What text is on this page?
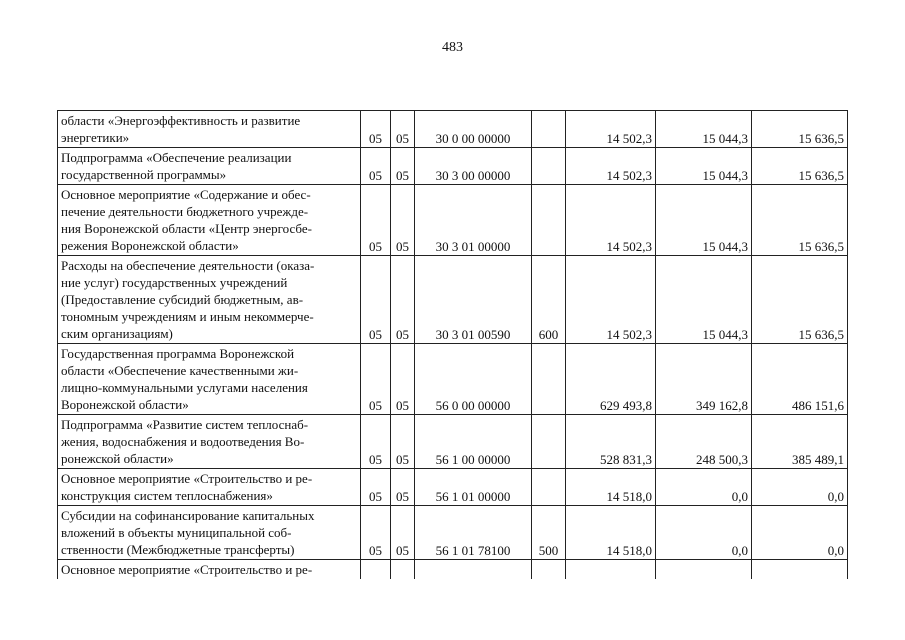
483
области «Энергоэффективность и развитие
энергетики»	05	05	30 0 00 00000		14 502,3	15 044,3	15 636,5

Подпрограмма «Обеспечение реализации
государственной программы»	05	05	30 3 00 00000		14 502,3	15 044,3	15 636,5

Основное мероприятие «Содержание и обес-
печение деятельности бюджетного учрежде-
ния Воронежской области «Центр энергосбе-
режения Воронежской области»	05	05	30 3 01 00000		14 502,3	15 044,3	15 636,5

Расходы на обеспечение деятельности (оказа-
ние услуг) государственных учреждений
(Предоставление субсидий бюджетным, ав-
тономным учреждениям и иным некоммерче-
ским организациям)	05	05	30 3 01 00590	600	14 502,3	15 044,3	15 636,5

Государственная программа Воронежской
области «Обеспечение качественными жи-
лищно-коммунальными услугами населения
Воронежской области»	05	05	56 0 00 00000		629 493,8	349 162,8	486 151,6

Подпрограмма «Развитие систем теплоснаб-
жения, водоснабжения и водоотведения Во-
ронежской области»	05	05	56 1 00 00000		528 831,3	248 500,3	385 489,1

Основное мероприятие «Строительство и ре-
конструкция систем теплоснабжения»	05	05	56 1 01 00000		14 518,0	0,0	0,0

Субсидии на софинансирование капитальных
вложений в объекты муниципальной соб-
ственности (Межбюджетные трансферты)	05	05	56 1 01 78100	500	14 518,0	0,0	0,0

Основное мероприятие «Строительство и ре-							
